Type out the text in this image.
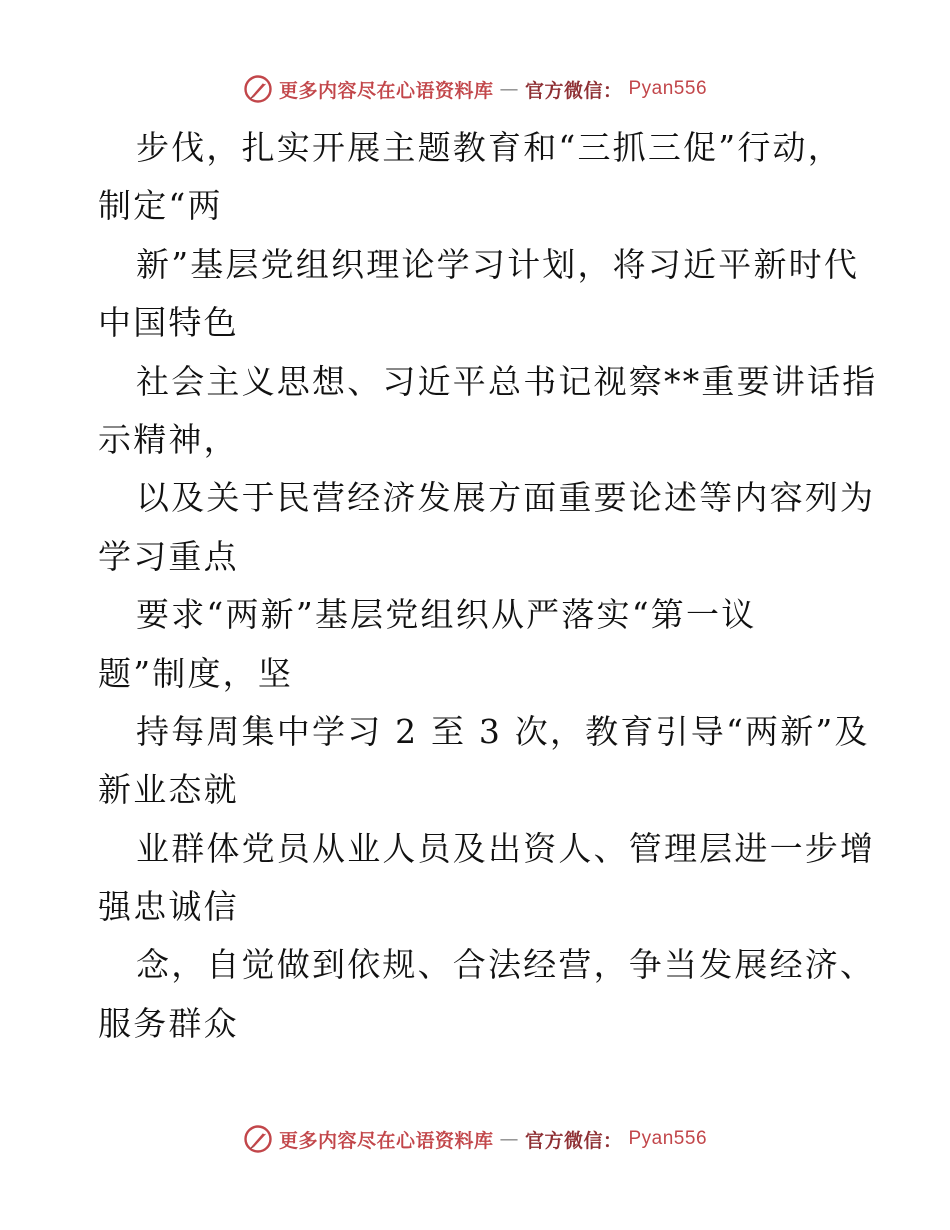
更多内容尽在心语资料库 — 官方微信： Pyan556
步伐，扎实开展主题教育和“三抓三促”行动，
制定“两
新”基层党组织理论学习计划，将习近平新时代
中国特色
社会主义思想、习近平总书记视察**重要讲话指
示精神，
以及关于民营经济发展方面重要论述等内容列为
学习重点
要求“两新”基层党组织从严落实“第一议
题”制度，坚
持每周集中学习 2 至 3 次，教育引导“两新”及
新业态就
业群体党员从业人员及出资人、管理层进一步增
强忠诚信
念，自觉做到依规、合法经营，争当发展经济、
服务群众
更多内容尽在心语资料库 — 官方微信： Pyan556
